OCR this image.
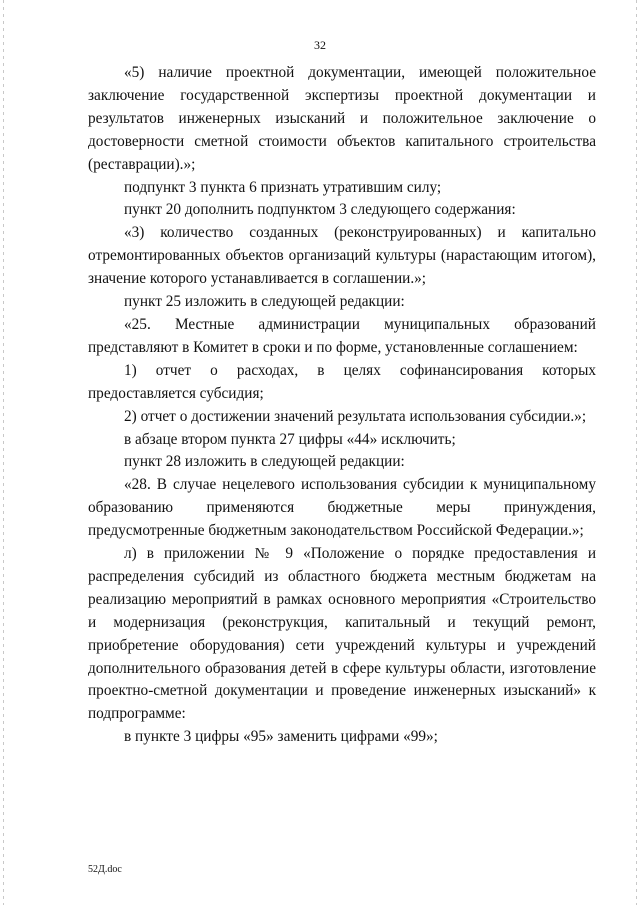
32

«5) наличие проектной документации, имеющей положительное заключение государственной экспертизы проектной документации и результатов инженерных изысканий и положительное заключение о достоверности сметной стоимости объектов капитального строительства (реставрации).»;

подпункт 3 пункта 6 признать утратившим силу;

пункт 20 дополнить подпунктом 3 следующего содержания:

«3) количество созданных (реконструированных) и капитально отремонтированных объектов организаций культуры (нарастающим итогом), значение которого устанавливается в соглашении.»;

пункт 25 изложить в следующей редакции:

«25. Местные администрации муниципальных образований представляют в Комитет в сроки и по форме, установленные соглашением:

1) отчет о расходах, в целях софинансирования которых предоставляется субсидия;

2) отчет о достижении значений результата использования субсидии.»;

в абзаце втором пункта 27 цифры «44» исключить;

пункт 28 изложить в следующей редакции:

«28. В случае нецелевого использования субсидии к муниципальному образованию применяются бюджетные меры принуждения, предусмотренные бюджетным законодательством Российской Федерации.»;

л) в приложении № 9 «Положение о порядке предоставления и распределения субсидий из областного бюджета местным бюджетам на реализацию мероприятий в рамках основного мероприятия «Строительство и модернизация (реконструкция, капитальный и текущий ремонт, приобретение оборудования) сети учреждений культуры и учреждений дополнительного образования детей в сфере культуры области, изготовление проектно-сметной документации и проведение инженерных изысканий» к подпрограмме:

в пункте 3 цифры «95» заменить цифрами «99»;

52Д.doc
